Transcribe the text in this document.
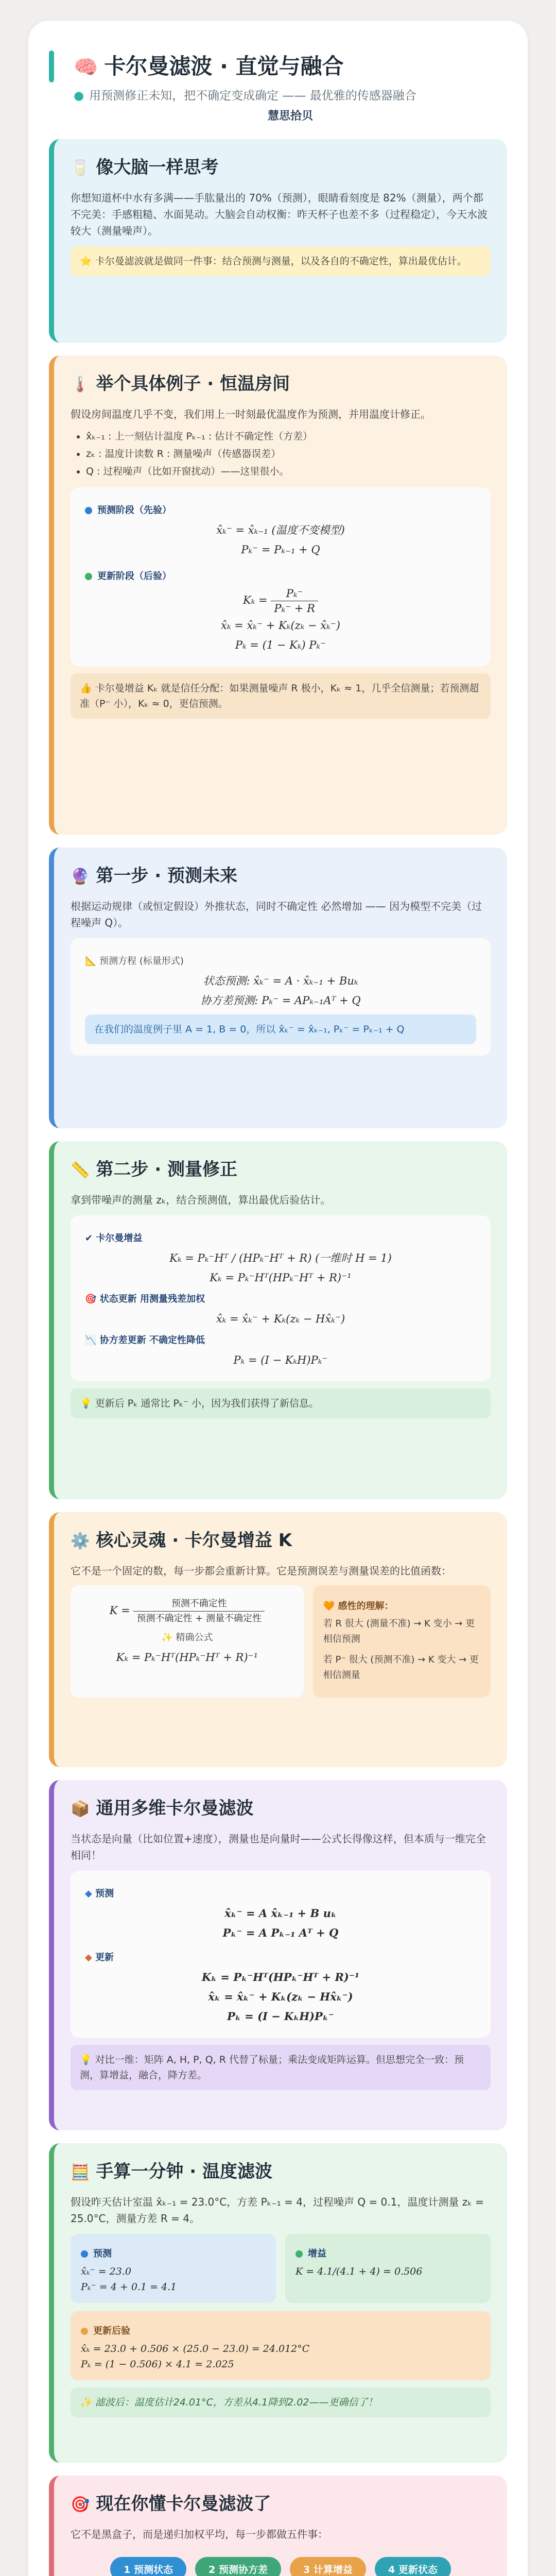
🧠 卡尔曼滤波 · 直觉与融合
● 用预测修正未知，把不确定变成确定 —— 最优雅的传感器融合
慧思拾贝
🥛 像大脑一样思考

你想知道杯中水有多满——手肱量出的 70%（预测），眼睛看刻度是 82%（测量），两个都不完美：手感粗糙、水面晃动。大脑会自动权衡：昨天杯子也差不多（过程稳定），今天水波较大（测量噪声）。

⭐ 卡尔曼滤波就是做同一件事：结合预测与测量，以及各自的不确定性，算出最优估计。
🌡️ 举个具体例子 · 恒温房间

假设房间温度几乎不变，我们用上一时刻最优温度作为预测，并用温度计修正。

• x̂ₖ₋₁ : 上一刻估计温度 Pₖ₋₁ : 估计不确定性（方差）
• zₖ : 温度计读数 R : 测量噪声（传感器误差）
• Q : 过程噪声（比如开窗扰动）——这里很小。
预测阶段（先验）
x̂ₖ⁻ = x̂ₖ₋₁ (温度不变模型)
Pₖ⁻ = Pₖ₋₁ + Q
更新阶段（后验）
$K_k = \frac{\text{Pₖ⁻}}{\text{Pₖ⁻ + R}}$
x̂ₖ = x̂ₖ⁻ + Kₖ(zₖ − x̂ₖ⁻)
Pₖ = (1 − Kₖ) Pₖ⁻
👍 卡尔曼增益 Kₖ 就是信任分配：如果测量噪声 R 极小，Kₖ ≈ 1，几乎全信测量；若预测超准（P⁻ 小），Kₖ ≈ 0，更信预测。
🔮 第一步 · 预测未来

根据运动规律（或恒定假设）外推状态，同时不确定性 必然增加 —— 因为模型不完美（过程噪声 Q）。

📐 预测方程 (标量形式)
状态预测: x̂ₖ⁻ = A · x̂ₖ₋₁ + Buₖ
协方差预测: Pₖ⁻ = APₖ₋₁Aᵀ + Q
在我们的温度例子里 A = 1, B = 0，所以 x̂ₖ⁻ = x̂ₖ₋₁, Pₖ⁻ = Pₖ₋₁ + Q
📏 第二步 · 测量修正

拿到带噪声的测量 zₖ，结合预测值，算出最优后验估计。

✔ 卡尔曼增益
Kₖ = Pₖ⁻Hᵀ / (HPₖ⁻Hᵀ + R) (一维时 H = 1)
Kₖ = Pₖ⁻Hᵀ(HPₖ⁻Hᵀ + R)⁻¹
🎯 状态更新 用测量残差加权
x̂ₖ = x̂ₖ⁻ + Kₖ(zₖ − Hx̂ₖ⁻)
📉 协方差更新 不确定性降低
Pₖ = (I − KₖH)Pₖ⁻
💡 更新后 Pₖ 通常比 Pₖ⁻ 小，因为我们获得了新信息。
⚙️ 核心灵魂 · 卡尔曼增益 K

它不是一个固定的数，每一步都会重新计算。它是预测误差与测量误差的比值函数：

$K = \frac{\text{预测不确定性}}{\text{预测不确定性 + 测量不确定性}}$
✨ 精确公式
Kₖ = Pₖ⁻Hᵀ(HPₖ⁻Hᵀ + R)⁻¹
🧡 感性的理解：

若 R 很大 (测量不准) → K 变小 → 更相信预测

若 P⁻ 很大 (预测不准) → K 变大 → 更相信测量

📦 通用多维卡尔曼滤波

当状态是向量（比如位置+速度），测量也是向量时——公式长得像这样，但本质与一维完全相同！

◆ 预测
x̂ₖ⁻ = A x̂ₖ₋₁ + B uₖ
Pₖ⁻ = A Pₖ₋₁ Aᵀ + Q
◆ 更新
Kₖ = Pₖ⁻Hᵀ(HPₖ⁻Hᵀ + R)⁻¹
x̂ₖ = x̂ₖ⁻ + Kₖ(zₖ − Hx̂ₖ⁻)
Pₖ = (I − KₖH)Pₖ⁻
💡 对比一维：矩阵 A, H, P, Q, R 代替了标量；乘法变成矩阵运算。但思想完全一致：预测，算增益，融合，降方差。
🧮 手算一分钟 · 温度滤波

假设昨天估计室温 x̂ₖ₋₁ = 23.0°C，方差 Pₖ₋₁ = 4，过程噪声 Q = 0.1，温度计测量 zₖ = 25.0°C，测量方差 R = 4。

预测
x̂ₖ⁻ = 23.0
Pₖ⁻ = 4 + 0.1 = 4.1
增益
K = 4.1/(4.1 + 4) = 0.506
更新后验
x̂ₖ = 23.0 + 0.506 × (25.0 − 23.0) = 24.012°C
Pₖ = (1 − 0.506) × 4.1 = 2.025
✨ 滤波后：温度估计24.01°C，方差从4.1降到2.02——更确信了！
🎯 现在你懂卡尔曼滤波了

它不是黑盒子，而是递归加权平均，每一步都做五件事：

1 预测状态	2 预测协方差	3 计算增益	4 更新状态
